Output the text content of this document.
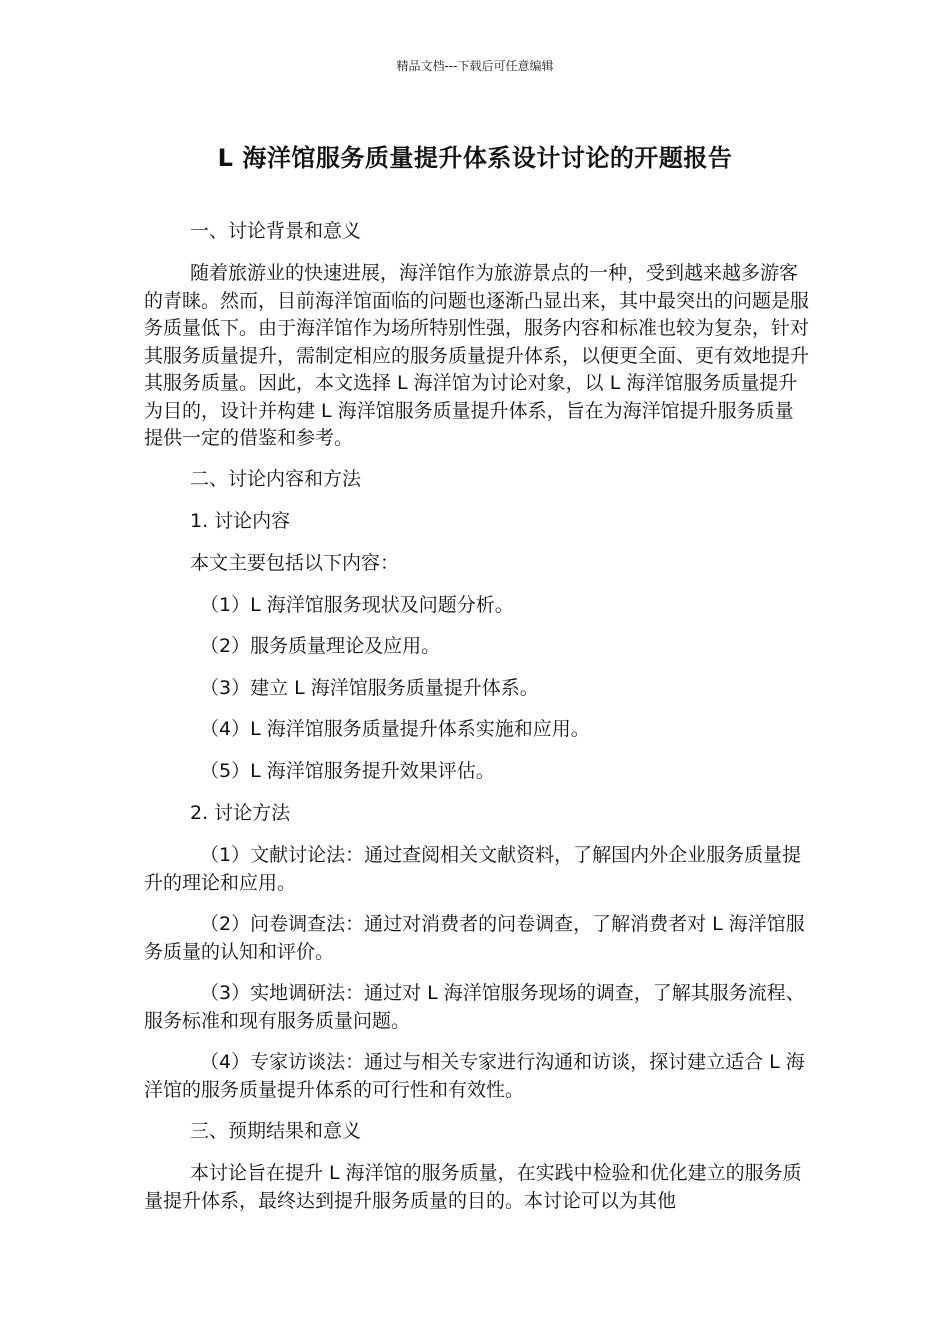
精品文档---下载后可任意编辑
L 海洋馆服务质量提升体系设计讨论的开题报告
一、讨论背景和意义
随着旅游业的快速进展，海洋馆作为旅游景点的一种，受到越来越多游客的青睐。然而，目前海洋馆面临的问题也逐渐凸显出来，其中最突出的问题是服务质量低下。由于海洋馆作为场所特别性强，服务内容和标准也较为复杂，针对其服务质量提升，需制定相应的服务质量提升体系，以便更全面、更有效地提升其服务质量。因此，本文选择 L 海洋馆为讨论对象，以 L 海洋馆服务质量提升为目的，设计并构建 L 海洋馆服务质量提升体系，旨在为海洋馆提升服务质量提供一定的借鉴和参考。
二、讨论内容和方法
1. 讨论内容
本文主要包括以下内容：
（1）L 海洋馆服务现状及问题分析。
（2）服务质量理论及应用。
（3）建立 L 海洋馆服务质量提升体系。
（4）L 海洋馆服务质量提升体系实施和应用。
（5）L 海洋馆服务提升效果评估。
2. 讨论方法
（1）文献讨论法：通过查阅相关文献资料，了解国内外企业服务质量提升的理论和应用。
（2）问卷调查法：通过对消费者的问卷调查，了解消费者对 L 海洋馆服务质量的认知和评价。
（3）实地调研法：通过对 L 海洋馆服务现场的调查，了解其服务流程、服务标准和现有服务质量问题。
（4）专家访谈法：通过与相关专家进行沟通和访谈，探讨建立适合 L 海洋馆的服务质量提升体系的可行性和有效性。
三、预期结果和意义
本讨论旨在提升 L 海洋馆的服务质量，在实践中检验和优化建立的服务质量提升体系，最终达到提升服务质量的目的。本讨论可以为其他
